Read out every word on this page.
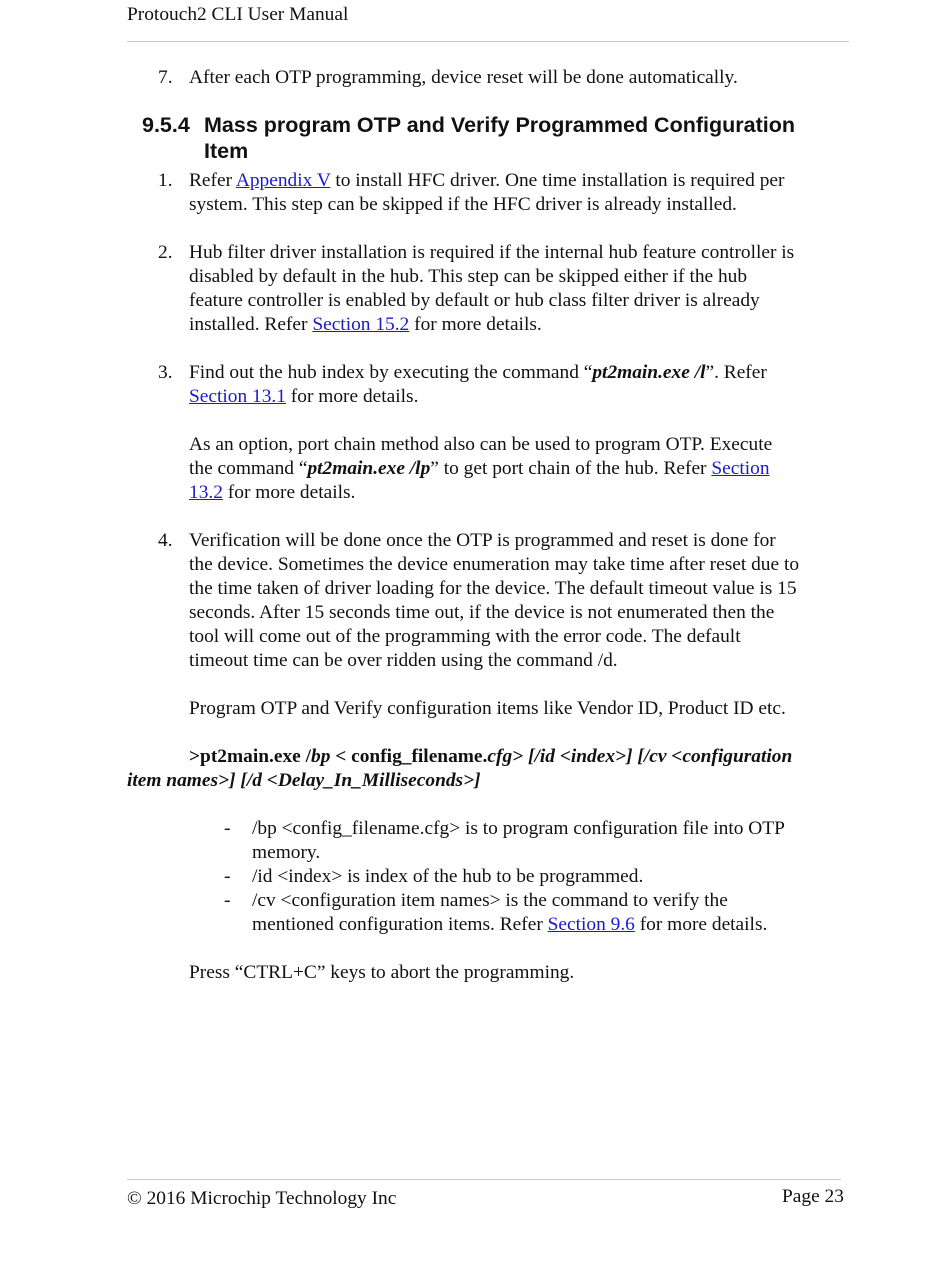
Protouch2 CLI User Manual
7. After each OTP programming, device reset will be done automatically.
9.5.4 Mass program OTP and Verify Programmed Configuration
Item
1. Refer Appendix V to install HFC driver. One time installation is required per
system. This step can be skipped if the HFC driver is already installed.
2. Hub filter driver installation is required if the internal hub feature controller is
disabled by default in the hub. This step can be skipped either if the hub
feature controller is enabled by default or hub class filter driver is already
installed. Refer Section 15.2 for more details.
3. Find out the hub index by executing the command “pt2main.exe /l”. Refer
Section 13.1 for more details.
As an option, port chain method also can be used to program OTP. Execute
the command “pt2main.exe /lp” to get port chain of the hub. Refer Section
13.2 for more details.
4. Verification will be done once the OTP is programmed and reset is done for
the device. Sometimes the device enumeration may take time after reset due to
the time taken of driver loading for the device. The default timeout value is 15
seconds. After 15 seconds time out, if the device is not enumerated then the
tool will come out of the programming with the error code. The default
timeout time can be over ridden using the command /d.
Program OTP and Verify configuration items like Vendor ID, Product ID etc.
>pt2main.exe /bp < config_filename.cfg> [/id <index>] [/cv <configuration
item names>] [/d <Delay_In_Milliseconds>]
- /bp <config_filename.cfg> is to program configuration file into OTP
memory.
- /id <index> is index of the hub to be programmed.
- /cv <configuration item names> is the command to verify the
mentioned configuration items. Refer Section 9.6 for more details.
Press “CTRL+C” keys to abort the programming.
© 2016 Microchip Technology Inc	Page 23
